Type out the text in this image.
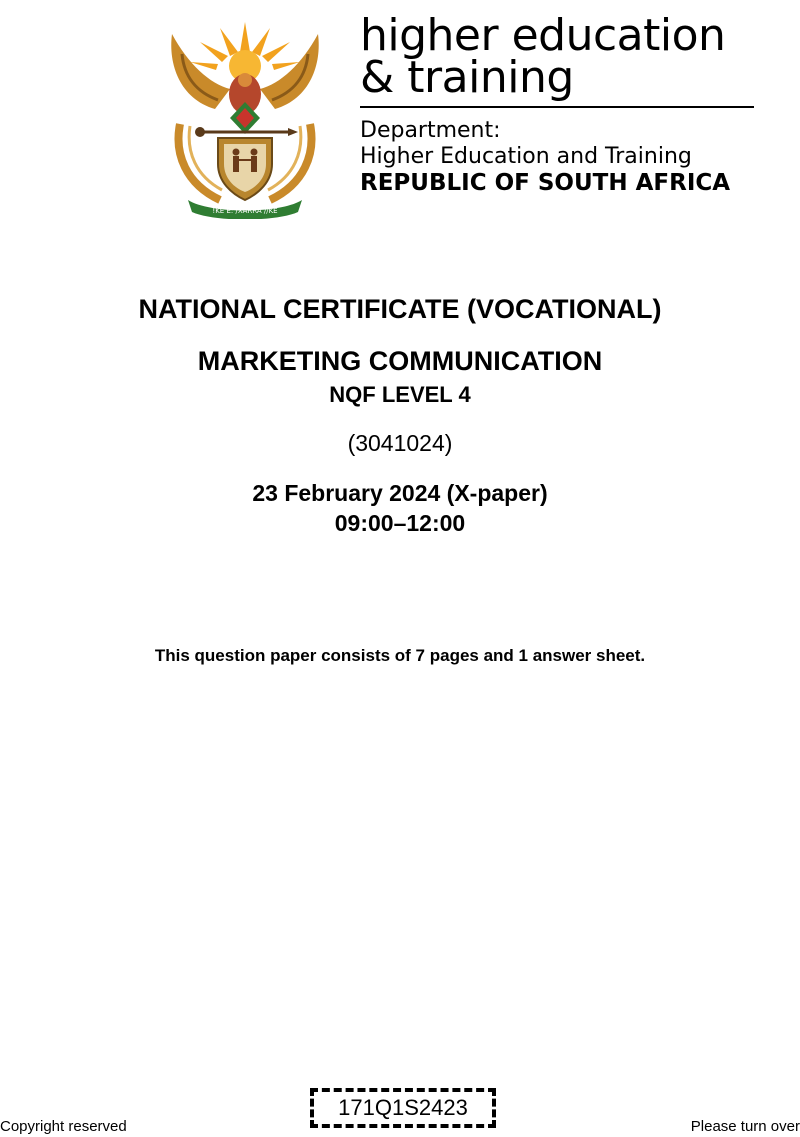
!KE E: /XARRA //KE
higher education
& training
Department:
Higher Education and Training
REPUBLIC OF SOUTH AFRICA
NATIONAL CERTIFICATE (VOCATIONAL)
MARKETING COMMUNICATION
NQF LEVEL 4
(3041024)
23 February 2024 (X-paper)
09:00–12:00
This question paper consists of 7 pages and 1 answer sheet.
Copyright reserved
171Q1S2423
Please turn over
